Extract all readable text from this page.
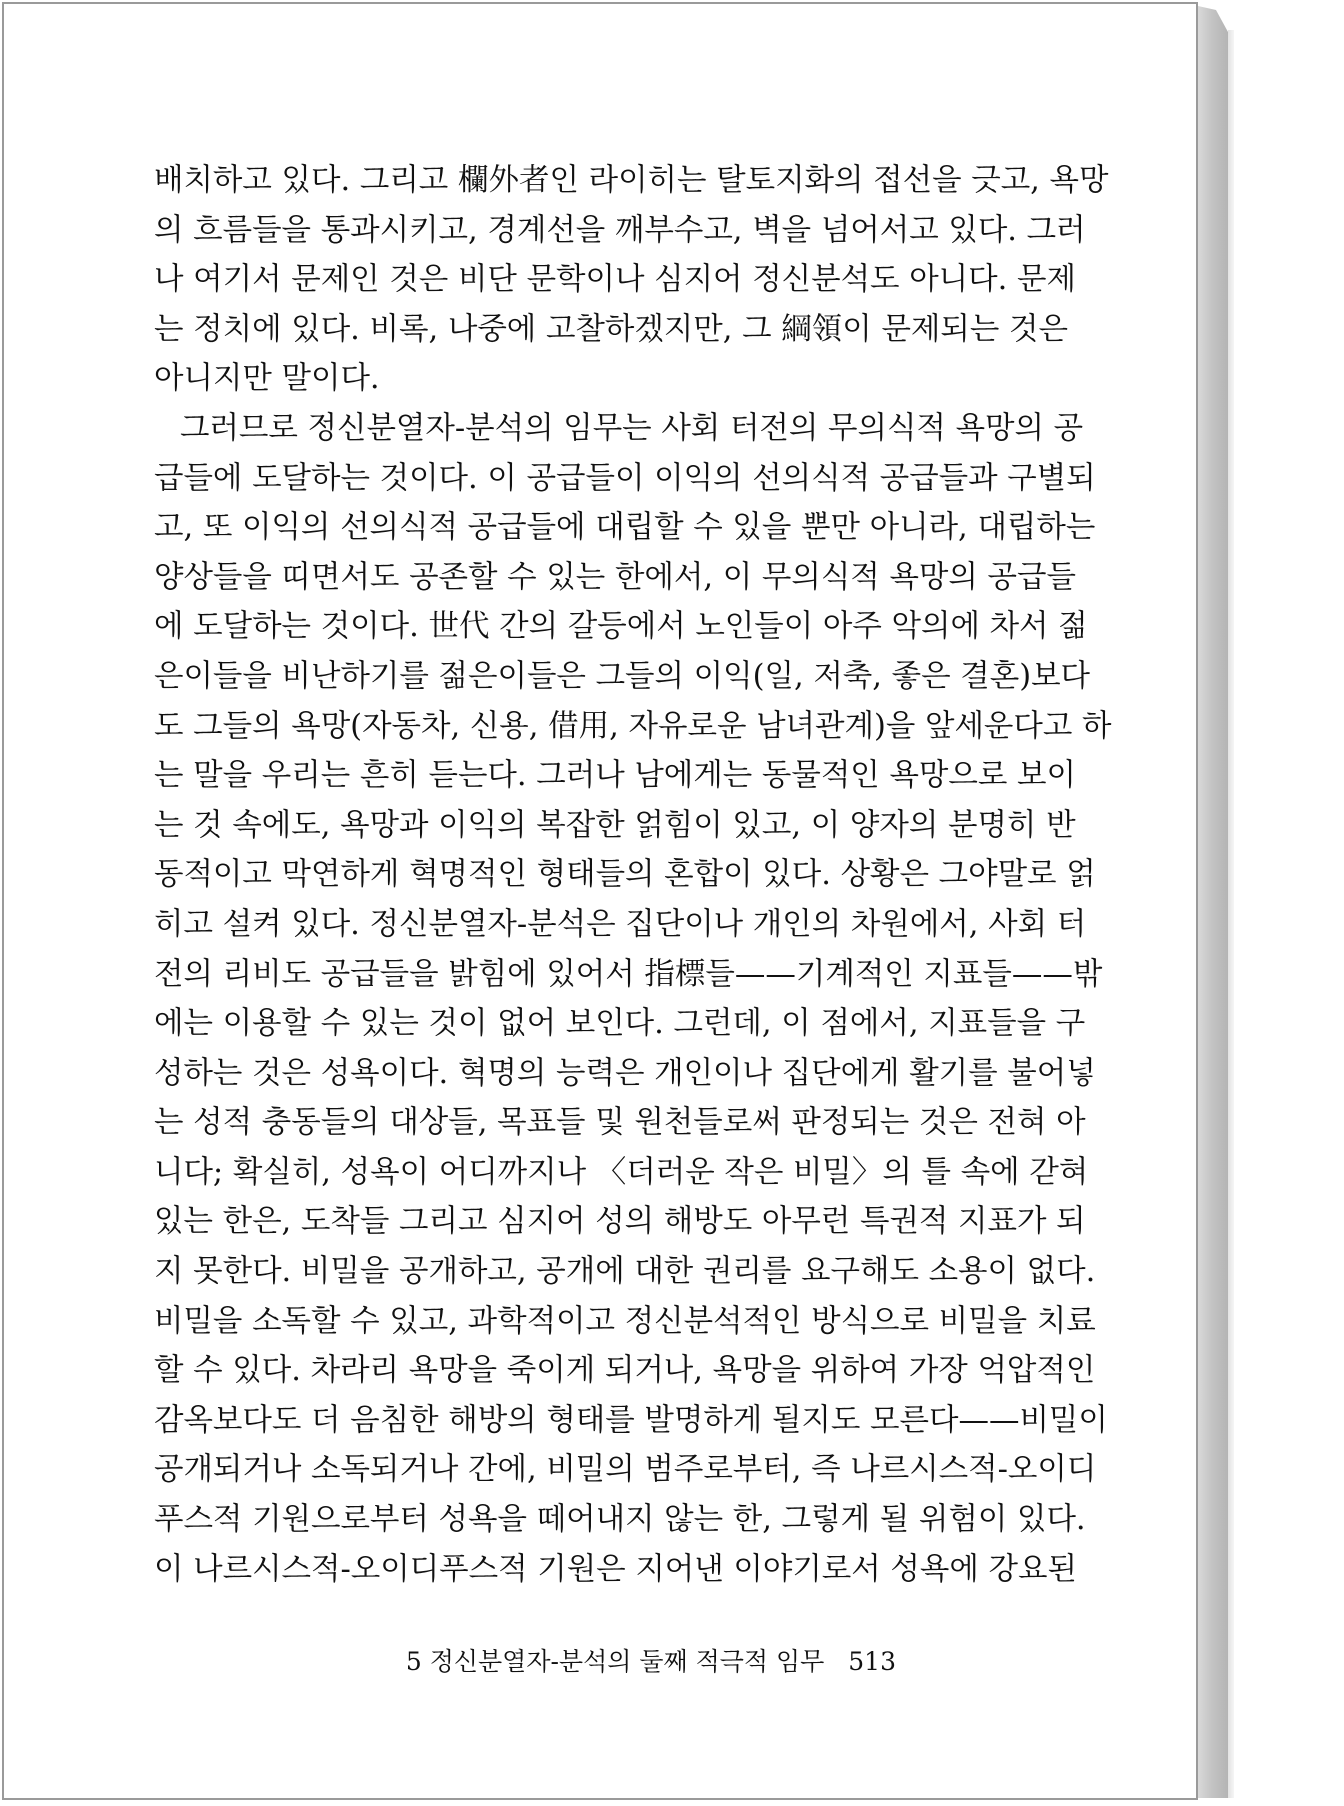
배치하고 있다. 그리고 欄外者인 라이히는 탈토지화의 접선을 긋고, 욕망
의 흐름들을 통과시키고, 경계선을 깨부수고, 벽을 넘어서고 있다. 그러
나 여기서 문제인 것은 비단 문학이나 심지어 정신분석도 아니다. 문제
는 정치에 있다. 비록, 나중에 고찰하겠지만, 그 綱領이 문제되는 것은
아니지만 말이다.
그러므로 정신분열자-분석의 임무는 사회 터전의 무의식적 욕망의 공
급들에 도달하는 것이다. 이 공급들이 이익의 선의식적 공급들과 구별되
고, 또 이익의 선의식적 공급들에 대립할 수 있을 뿐만 아니라, 대립하는
양상들을 띠면서도 공존할 수 있는 한에서, 이 무의식적 욕망의 공급들
에 도달하는 것이다. 世代 간의 갈등에서 노인들이 아주 악의에 차서 젊
은이들을 비난하기를 젊은이들은 그들의 이익(일, 저축, 좋은 결혼)보다
도 그들의 욕망(자동차, 신용, 借用, 자유로운 남녀관계)을 앞세운다고 하
는 말을 우리는 흔히 듣는다. 그러나 남에게는 동물적인 욕망으로 보이
는 것 속에도, 욕망과 이익의 복잡한 얽힘이 있고, 이 양자의 분명히 반
동적이고 막연하게 혁명적인 형태들의 혼합이 있다. 상황은 그야말로 얽
히고 설켜 있다. 정신분열자-분석은 집단이나 개인의 차원에서, 사회 터
전의 리비도 공급들을 밝힘에 있어서 指標들——기계적인 지표들——밖
에는 이용할 수 있는 것이 없어 보인다. 그런데, 이 점에서, 지표들을 구
성하는 것은 성욕이다. 혁명의 능력은 개인이나 집단에게 활기를 불어넣
는 성적 충동들의 대상들, 목표들 및 원천들로써 판정되는 것은 전혀 아
니다; 확실히, 성욕이 어디까지나 〈더러운 작은 비밀〉의 틀 속에 갇혀
있는 한은, 도착들 그리고 심지어 성의 해방도 아무런 특권적 지표가 되
지 못한다. 비밀을 공개하고, 공개에 대한 권리를 요구해도 소용이 없다.
비밀을 소독할 수 있고, 과학적이고 정신분석적인 방식으로 비밀을 치료
할 수 있다. 차라리 욕망을 죽이게 되거나, 욕망을 위하여 가장 억압적인
감옥보다도 더 음침한 해방의 형태를 발명하게 될지도 모른다——비밀이
공개되거나 소독되거나 간에, 비밀의 범주로부터, 즉 나르시스적-오이디
푸스적 기원으로부터 성욕을 떼어내지 않는 한, 그렇게 될 위험이 있다.
이 나르시스적-오이디푸스적 기원은 지어낸 이야기로서 성욕에 강요된
5 정신분열자-분석의 둘째 적극적 임무 513
